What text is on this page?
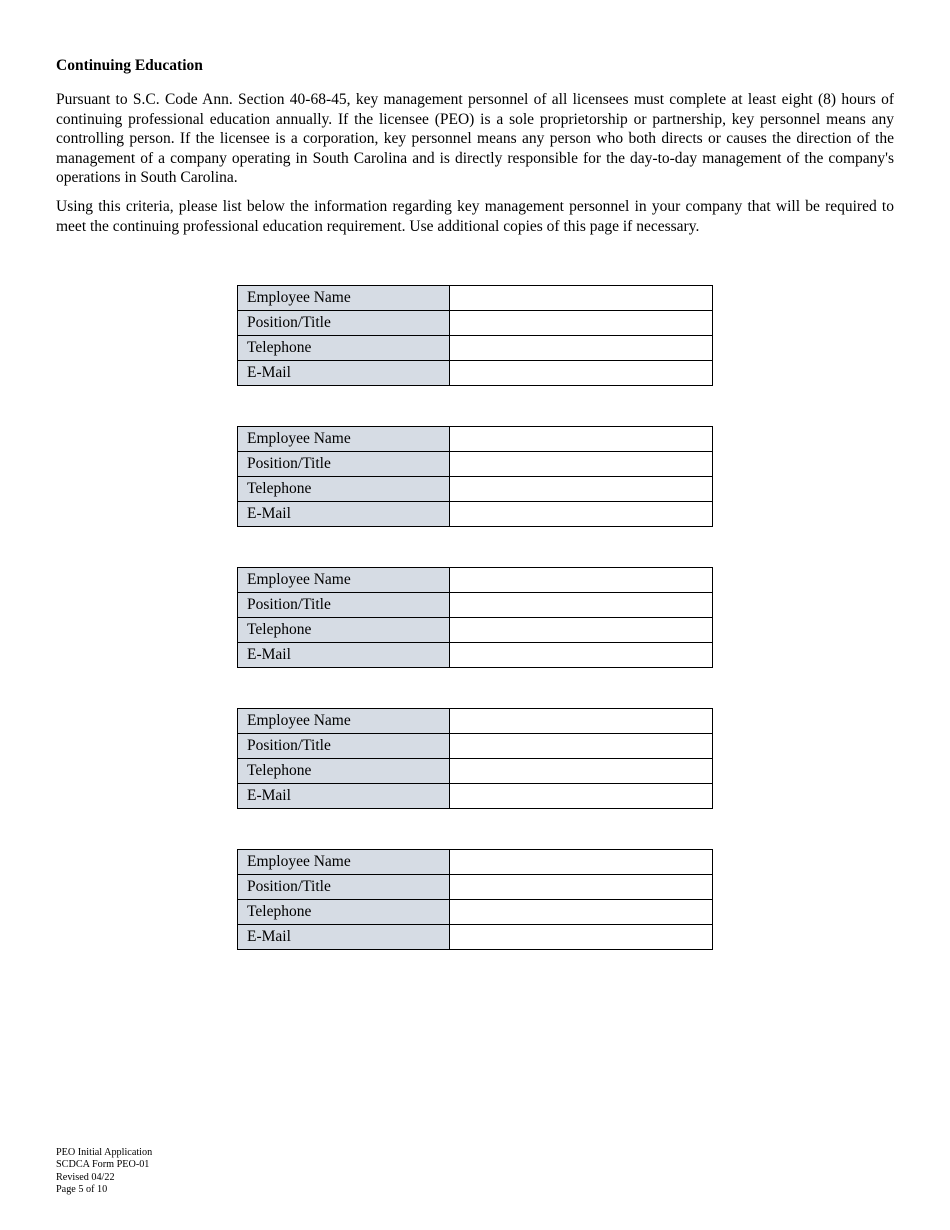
Continuing Education

Pursuant to S.C. Code Ann. Section 40-68-45, key management personnel of all licensees must complete at least eight (8) hours of continuing professional education annually. If the licensee (PEO) is a sole proprietorship or partnership, key personnel means any controlling person. If the licensee is a corporation, key personnel means any person who both directs or causes the direction of the management of a company operating in South Carolina and is directly responsible for the day-to-day management of the company's operations in South Carolina.

Using this criteria, please list below the information regarding key management personnel in your company that will be required to meet the continuing professional education requirement. Use additional copies of this page if necessary.

Employee Name	
Position/Title	
Telephone	
E-Mail	
Employee Name	
Position/Title	
Telephone	
E-Mail	
Employee Name	
Position/Title	
Telephone	
E-Mail	
Employee Name	
Position/Title	
Telephone	
E-Mail	
Employee Name	
Position/Title	
Telephone	
E-Mail	
PEO Initial Application
SCDCA Form PEO-01
Revised 04/22
Page 5 of 10
